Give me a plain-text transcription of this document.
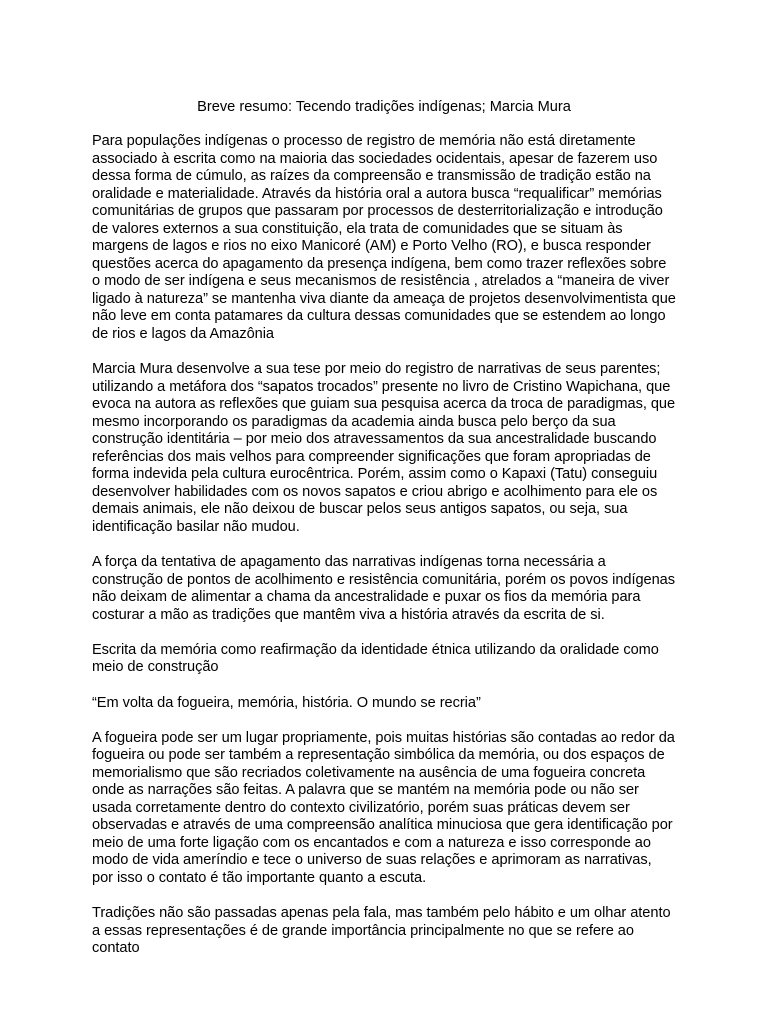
Breve resumo: Tecendo tradições indígenas; Marcia Mura

Para populações indígenas o processo de registro de memória não está diretamente associado à escrita como na maioria das sociedades ocidentais, apesar de fazerem uso dessa forma de cúmulo, as raízes da compreensão e transmissão de tradição estão na oralidade e materialidade. Através da história oral a autora busca “requalificar” memórias comunitárias de grupos que passaram por processos de desterritorialização e introdução de valores externos a sua constituição, ela trata de comunidades que se situam às margens de lagos e rios no eixo Manicoré (AM) e Porto Velho (RO), e busca responder questões acerca do apagamento da presença indígena, bem como trazer reflexões sobre o modo de ser indígena e seus mecanismos de resistência , atrelados a “maneira de viver ligado à natureza” se mantenha viva diante da ameaça de projetos desenvolvimentista que não leve em conta patamares da cultura dessas comunidades que se estendem ao longo de rios e lagos da Amazônia

Marcia Mura desenvolve a sua tese por meio do registro de narrativas de seus parentes; utilizando a metáfora dos “sapatos trocados” presente no livro de Cristino Wapichana, que evoca na autora as reflexões que guiam sua pesquisa acerca da troca de paradigmas, que mesmo incorporando os paradigmas da academia ainda busca pelo berço da sua construção identitária – por meio dos atravessamentos da sua ancestralidade buscando referências dos mais velhos para compreender significações que foram apropriadas de forma indevida pela cultura eurocêntrica. Porém, assim como o Kapaxi (Tatu) conseguiu desenvolver habilidades com os novos sapatos e criou abrigo e acolhimento para ele os demais animais, ele não deixou de buscar pelos seus antigos sapatos, ou seja, sua identificação basilar não mudou.

A força da tentativa de apagamento das narrativas indígenas torna necessária a construção de pontos de acolhimento e resistência comunitária, porém os povos indígenas não deixam de alimentar a chama da ancestralidade e puxar os fios da memória para costurar a mão as tradições que mantêm viva a história através da escrita de si.

Escrita da memória como reafirmação da identidade étnica utilizando da oralidade como meio de construção

“Em volta da fogueira, memória, história. O mundo se recria”

A fogueira pode ser um lugar propriamente, pois muitas histórias são contadas ao redor da fogueira ou pode ser também a representação simbólica da memória, ou dos espaços de memorialismo que são recriados coletivamente na ausência de uma fogueira concreta onde as narrações são feitas. A palavra que se mantém na memória pode ou não ser usada corretamente dentro do contexto civilizatório, porém suas práticas devem ser observadas e através de uma compreensão analítica minuciosa que gera identificação por meio de uma forte ligação com os encantados e com a natureza e isso corresponde ao modo de vida ameríndio e tece o universo de suas relações e aprimoram as narrativas, por isso o contato é tão importante quanto a escuta.

Tradições não são passadas apenas pela fala, mas também pelo hábito e um olhar atento a essas representações é de grande importância principalmente no que se refere ao contato
